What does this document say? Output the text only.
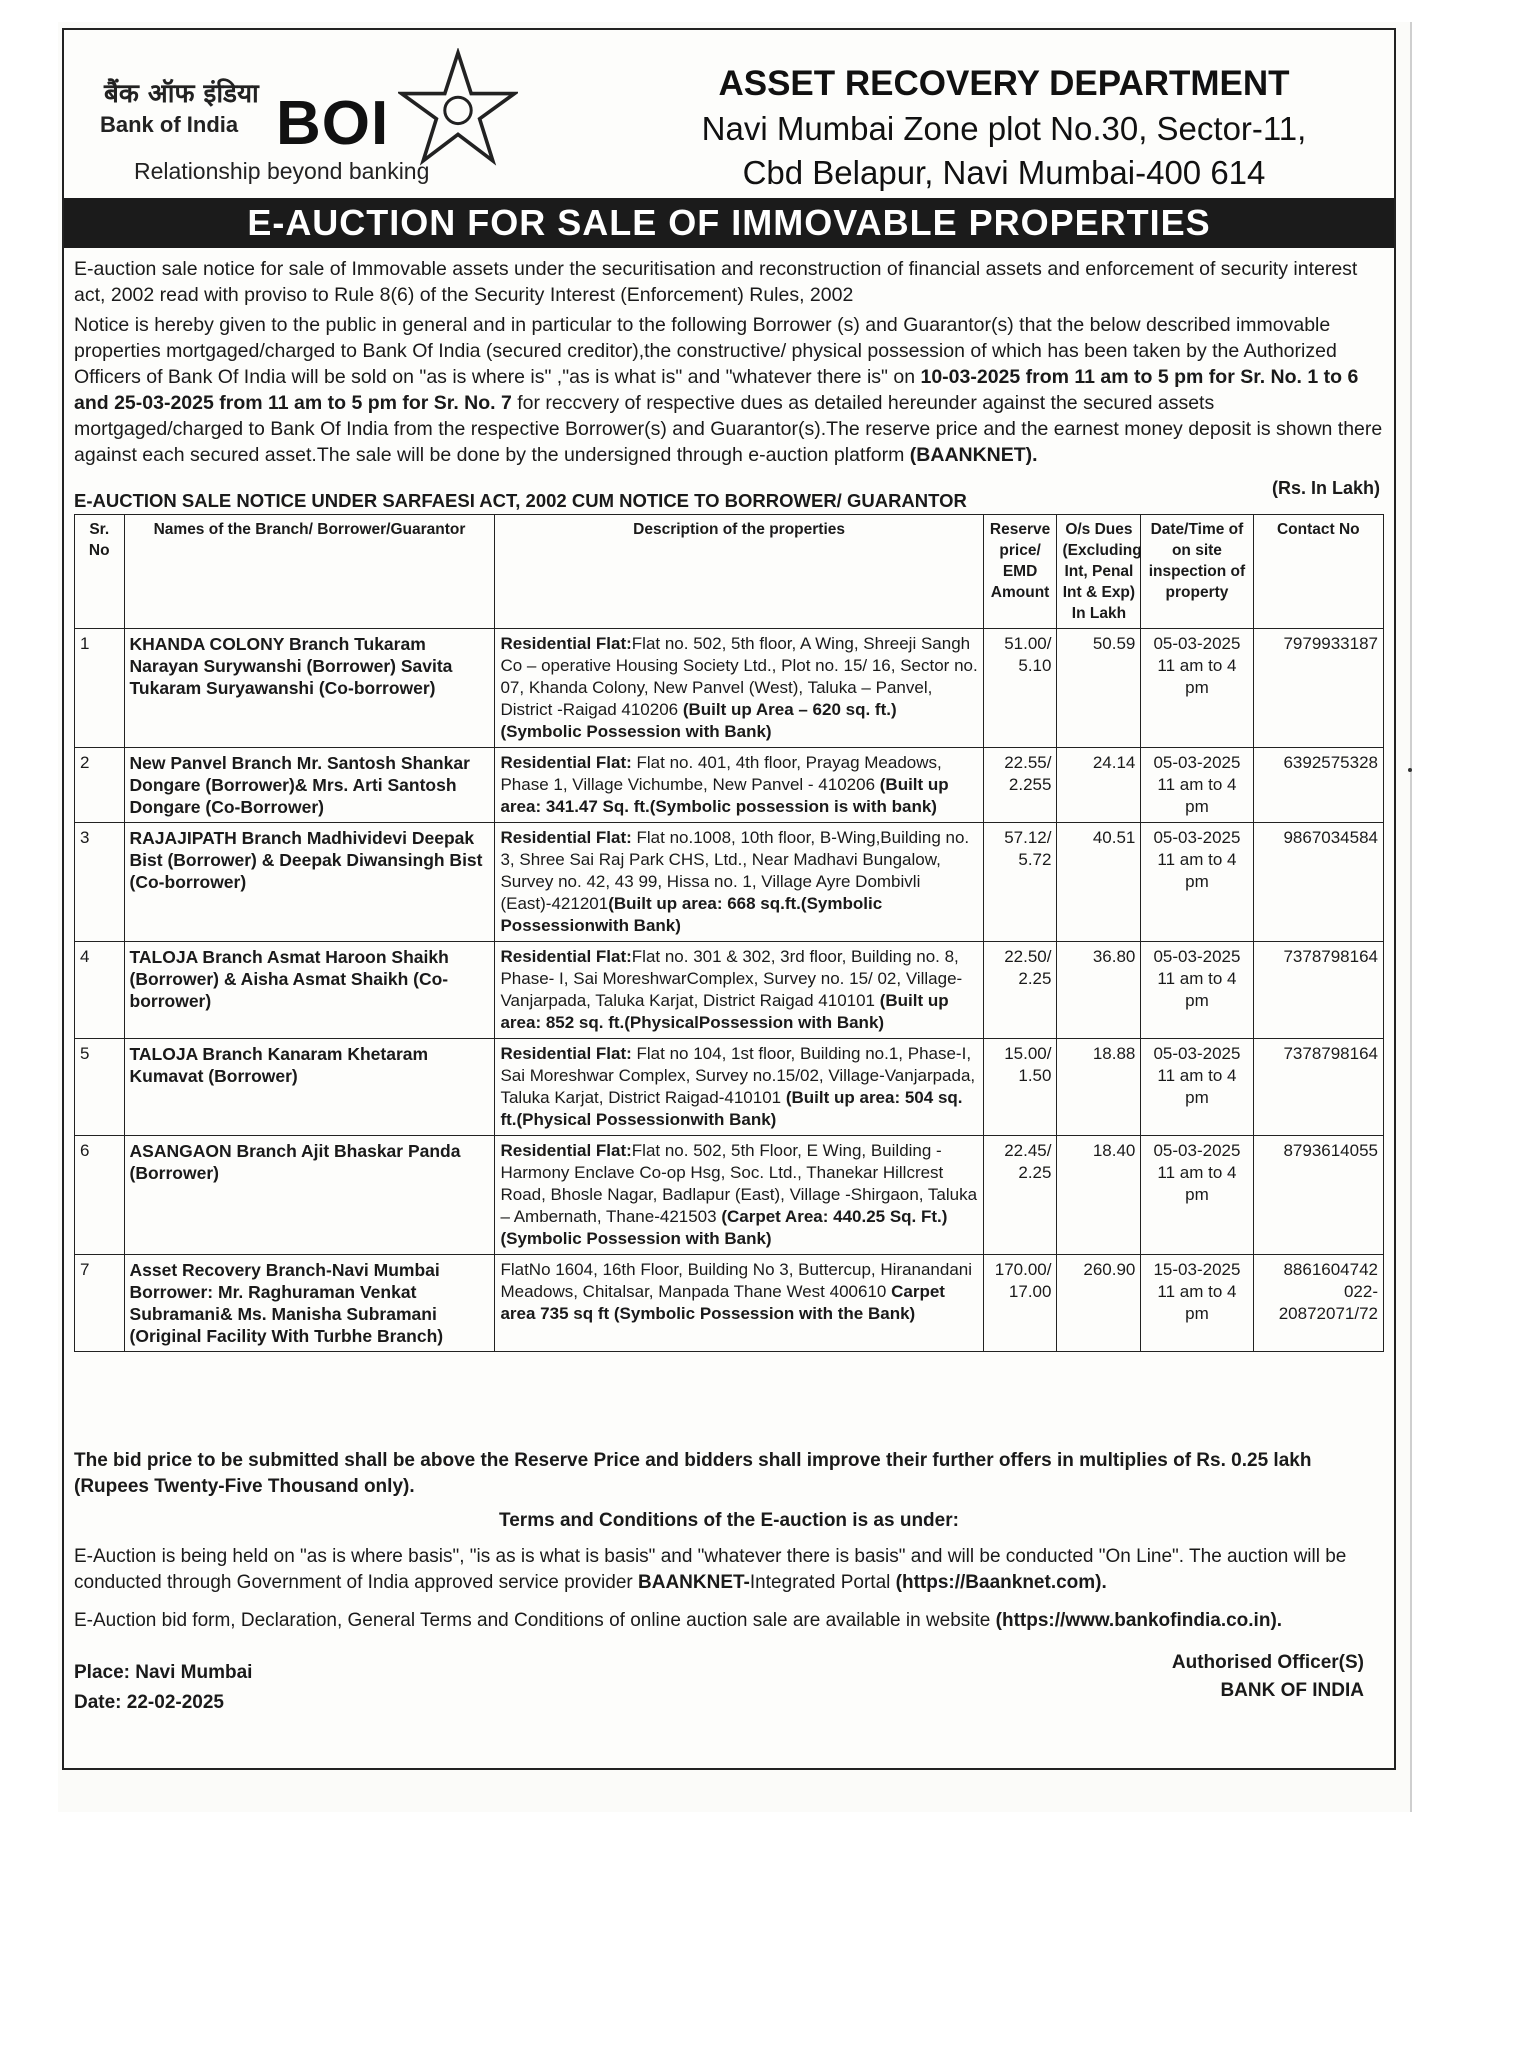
बैंक ऑफ इंडिया
Bank of India BOI
Relationship beyond banking
ASSET RECOVERY DEPARTMENT
Navi Mumbai Zone plot No.30, Sector-11,
Cbd Belapur, Navi Mumbai-400 614
E-AUCTION FOR SALE OF IMMOVABLE PROPERTIES

E-auction sale notice for sale of Immovable assets under the securitisation and reconstruction of financial assets and enforcement of security interest act, 2002 read with proviso to Rule 8(6) of the Security Interest (Enforcement) Rules, 2002

Notice is hereby given to the public in general and in particular to the following Borrower (s) and Guarantor(s) that the below described immovable properties mortgaged/charged to Bank Of India (secured creditor),the constructive/ physical possession of which has been taken by the Authorized Officers of Bank Of India will be sold on "as is where is" ,"as is what is" and "whatever there is" on 10-03-2025 from 11 am to 5 pm for Sr. No. 1 to 6 and 25-03-2025 from 11 am to 5 pm for Sr. No. 7 for reccvery of respective dues as detailed hereunder against the secured assets mortgaged/charged to Bank Of India from the respective Borrower(s) and Guarantor(s).The reserve price and the earnest money deposit is shown there against each secured asset.The sale will be done by the undersigned through e-auction platform (BAANKNET).

(Rs. In Lakh)
E-AUCTION SALE NOTICE UNDER SARFAESI ACT, 2002 CUM NOTICE TO BORROWER/ GUARANTOR
Sr. No	Names of the Branch/ Borrower/Guarantor	Description of the properties	Reserve price/ EMD Amount	O/s Dues (Excluding Int, Penal Int & Exp) In Lakh	Date/Time of on site inspection of property	Contact No
1	KHANDA COLONY Branch Tukaram Narayan Surywanshi (Borrower) Savita Tukaram Suryawanshi (Co-borrower)	Residential Flat:Flat no. 502, 5th floor, A Wing, Shreeji Sangh Co – operative Housing Society Ltd., Plot no. 15/ 16, Sector no. 07, Khanda Colony, New Panvel (West), Taluka – Panvel, District -Raigad 410206 (Built up Area – 620 sq. ft.) (Symbolic Possession with Bank)	51.00/ 5.10	50.59	05-03-2025 11 am to 4 pm	7979933187
2	New Panvel Branch Mr. Santosh Shankar Dongare (Borrower)& Mrs. Arti Santosh Dongare (Co-Borrower)	Residential Flat: Flat no. 401, 4th floor, Prayag Meadows, Phase 1, Village Vichumbe, New Panvel - 410206 (Built up area: 341.47 Sq. ft.(Symbolic possession is with bank)	22.55/ 2.255	24.14	05-03-2025 11 am to 4 pm	6392575328
3	RAJAJIPATH Branch Madhividevi Deepak Bist (Borrower) & Deepak Diwansingh Bist (Co-borrower)	Residential Flat: Flat no.1008, 10th floor, B-Wing,Building no. 3, Shree Sai Raj Park CHS, Ltd., Near Madhavi Bungalow, Survey no. 42, 43 99, Hissa no. 1, Village Ayre Dombivli (East)-421201(Built up area: 668 sq.ft.(Symbolic Possessionwith Bank)	57.12/ 5.72	40.51	05-03-2025 11 am to 4 pm	9867034584
4	TALOJA Branch Asmat Haroon Shaikh (Borrower) & Aisha Asmat Shaikh (Co-borrower)	Residential Flat:Flat no. 301 & 302, 3rd floor, Building no. 8, Phase- I, Sai MoreshwarComplex, Survey no. 15/ 02, Village-Vanjarpada, Taluka Karjat, District Raigad 410101 (Built up area: 852 sq. ft.(PhysicalPossession with Bank)	22.50/ 2.25	36.80	05-03-2025 11 am to 4 pm	7378798164
5	TALOJA Branch Kanaram Khetaram Kumavat (Borrower)	Residential Flat: Flat no 104, 1st floor, Building no.1, Phase-I, Sai Moreshwar Complex, Survey no.15/02, Village-Vanjarpada, Taluka Karjat, District Raigad-410101 (Built up area: 504 sq. ft.(Physical Possessionwith Bank)	15.00/ 1.50	18.88	05-03-2025 11 am to 4 pm	7378798164
6	ASANGAON Branch Ajit Bhaskar Panda (Borrower)	Residential Flat:Flat no. 502, 5th Floor, E Wing, Building - Harmony Enclave Co-op Hsg, Soc. Ltd., Thanekar Hillcrest Road, Bhosle Nagar, Badlapur (East), Village -Shirgaon, Taluka – Ambernath, Thane-421503 (Carpet Area: 440.25 Sq. Ft.) (Symbolic Possession with Bank)	22.45/ 2.25	18.40	05-03-2025 11 am to 4 pm	8793614055
7	Asset Recovery Branch-Navi Mumbai Borrower: Mr. Raghuraman Venkat Subramani& Ms. Manisha Subramani (Original Facility With Turbhe Branch)	FlatNo 1604, 16th Floor, Building No 3, Buttercup, Hiranandani Meadows, Chitalsar, Manpada Thane West 400610 Carpet area 735 sq ft (Symbolic Possession with the Bank)	170.00/ 17.00	260.90	15-03-2025 11 am to 4 pm	8861604742 022-20872071/72
The bid price to be submitted shall be above the Reserve Price and bidders shall improve their further offers in multiplies of Rs. 0.25 lakh (Rupees Twenty-Five Thousand only).
Terms and Conditions of the E-auction is as under:
E-Auction is being held on "as is where basis", "is as is what is basis" and "whatever there is basis" and will be conducted "On Line". The auction will be conducted through Government of India approved service provider BAANKNET-Integrated Portal (https://Baanknet.com).
E-Auction bid form, Declaration, General Terms and Conditions of online auction sale are available in website (https://www.bankofindia.co.in).
Place: Navi Mumbai
Date: 22-02-2025
Authorised Officer(S)
BANK OF INDIA
